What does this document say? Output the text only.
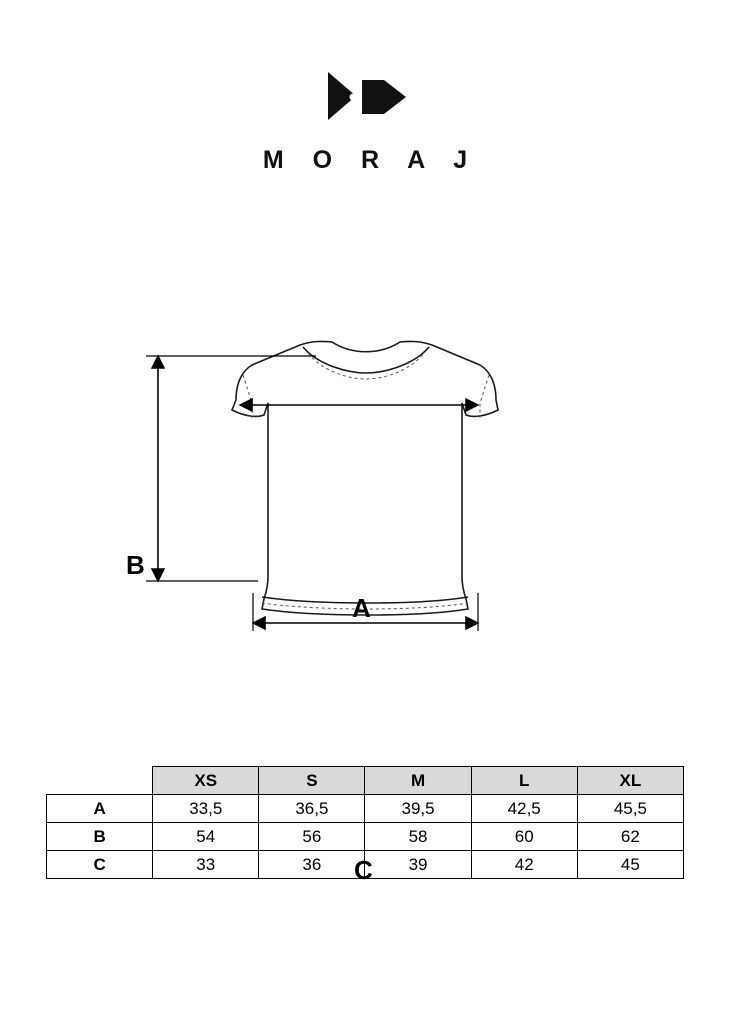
M O R A J
B
A
C
	XS	S	M	L	XL
A	33,5	36,5	39,5	42,5	45,5
B	54	56	58	60	62
C	33	36	39	42	45
